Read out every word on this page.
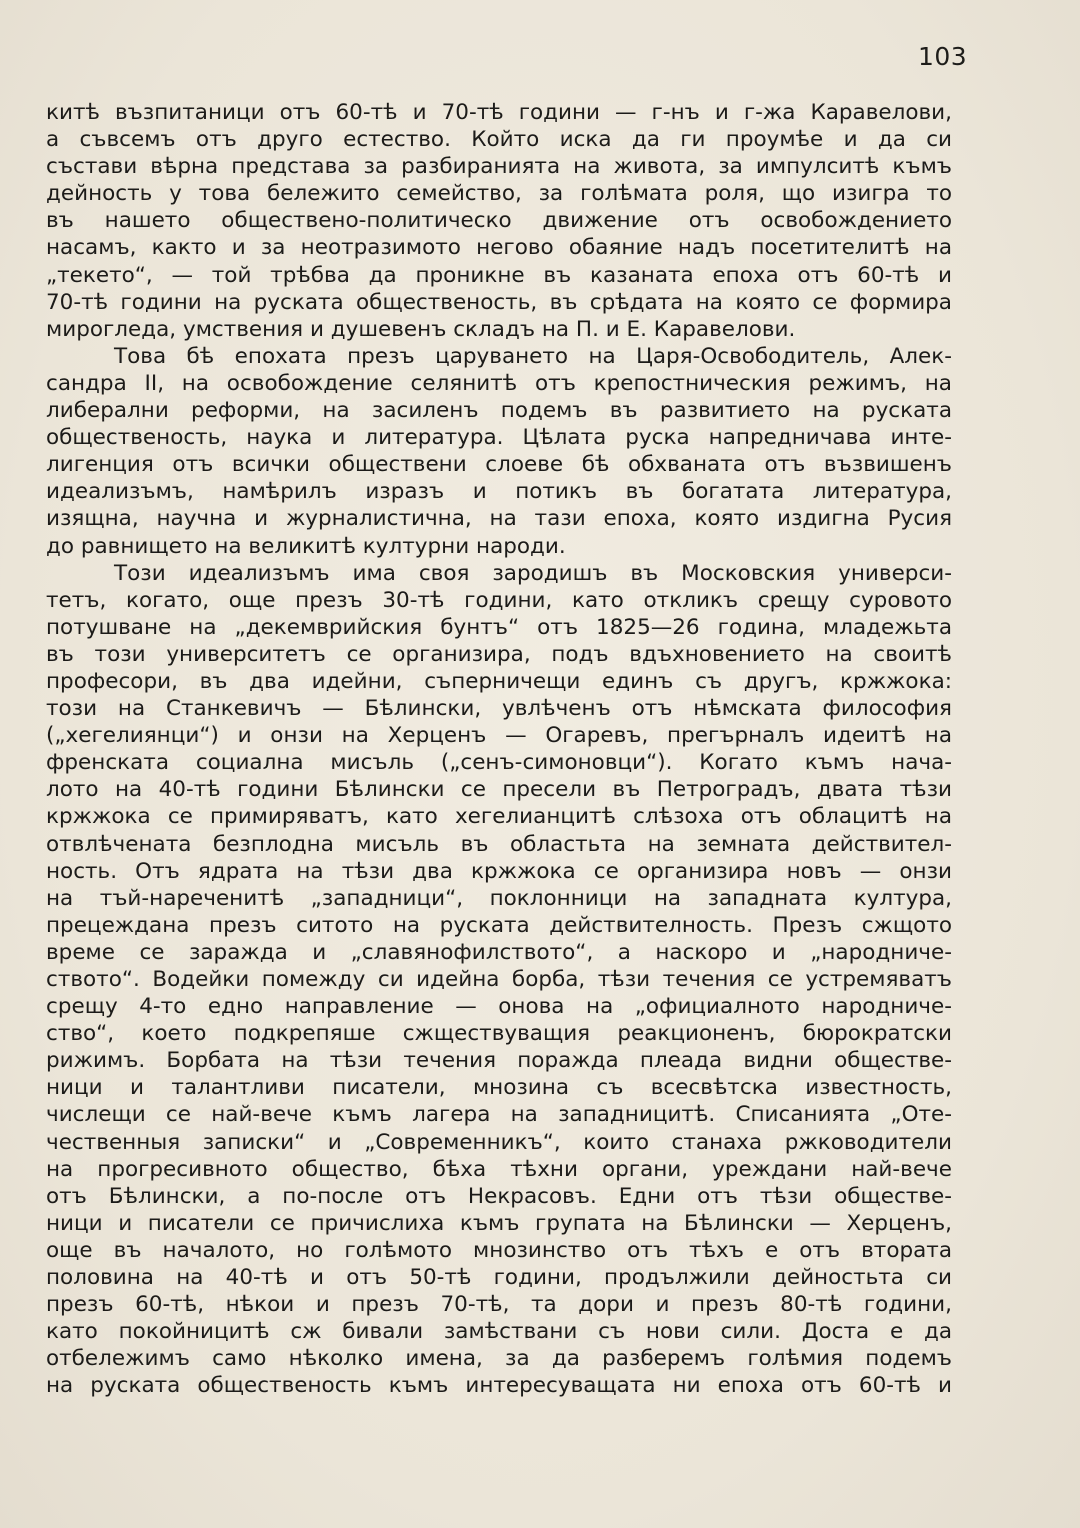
103
китѣ възпитаници отъ 60-тѣ и 70-тѣ години — г-нъ и г-жа Каравелови,
а съвсемъ отъ друго естество. Който иска да ги проумѣе и да си
състави вѣрна представа за разбиранията на живота, за импулситѣ къмъ
дейность у това бележито семейство, за голѣмата роля, що изигра то
въ нашето обществено-политическо движение отъ освобождението
насамъ, както и за неотразимото негово обаяние надъ посетителитѣ на
„текето“, — той трѣбва да проникне въ казаната епоха отъ 60-тѣ и
70-тѣ години на руската общественость, въ срѣдата на която се формира
мирогледа, умствения и душевенъ складъ на П. и Е. Каравелови.
Това бѣ епохата презъ царуването на Царя-Освободитель, Алек-
сандра II, на освобождение селянитѣ отъ крепостническия режимъ, на
либерални реформи, на засиленъ подемъ въ развитието на руската
общественость, наука и литература. Цѣлата руска напредничава инте-
лигенция отъ всички обществени слоеве бѣ обхваната отъ възвишенъ
идеализъмъ, намѣрилъ изразъ и потикъ въ богатата литература,
изящна, научна и журналистична, на тази епоха, която издигна Русия
до равнището на великитѣ културни народи.
Този идеализъмъ има своя зародишъ въ Московския универси-
тетъ, когато, още презъ 30-тѣ години, като откликъ срещу суровото
потушване на „декемврийския бунтъ“ отъ 1825—26 година, младежьта
въ този университетъ се организира, подъ вдъхновението на своитѣ
професори, въ два идейни, съперничещи единъ съ другъ, кржжока:
този на Станкевичъ — Бѣлински, увлѣченъ отъ нѣмската философия
(„хегелиянци“) и онзи на Херценъ — Огаревъ, прегърналъ идеитѣ на
френската социална мисъль („сенъ-симоновци“). Когато къмъ нача-
лото на 40-тѣ години Бѣлински се пресели въ Петроградъ, двата тѣзи
кржжока се примиряватъ, като хегелианцитѣ слѣзоха отъ облацитѣ на
отвлѣчената безплодна мисъль въ областьта на земната действител-
ность. Отъ ядрата на тѣзи два кржжока се организира новъ — онзи
на тъй-нареченитѣ „западници“, поклонници на западната култура,
прецеждана презъ ситото на руската действителность. Презъ сжщото
време се заражда и „славянофилството“, а наскоро и „народниче-
ството“. Водейки помежду си идейна борба, тѣзи течения се устремяватъ
срещу 4-то едно направление — онова на „официалното народниче-
ство“, което подкрепяше сжществуващия реакционенъ, бюрократски
рижимъ. Борбата на тѣзи течения поражда плеада видни обществе-
ници и талантливи писатели, мнозина съ всесвѣтска известность,
числещи се най-вече къмъ лагера на западницитѣ. Списанията „Оте-
чественныя записки“ и „Современникъ“, които станаха ржководители
на прогресивното общество, бѣха тѣхни органи, уреждани най-вече
отъ Бѣлински, а по-после отъ Некрасовъ. Едни отъ тѣзи обществе-
ници и писатели се причислиха къмъ групата на Бѣлински — Херценъ,
още въ началото, но голѣмото мнозинство отъ тѣхъ е отъ втората
половина на 40-тѣ и отъ 50-тѣ години, продължили дейностьта си
презъ 60-тѣ, нѣкои и презъ 70-тѣ, та дори и презъ 80-тѣ години,
като покойницитѣ сж бивали замѣствани съ нови сили. Доста е да
отбележимъ само нѣколко имена, за да разберемъ голѣмия подемъ
на руската общественость къмъ интересуващата ни епоха отъ 60-тѣ и
